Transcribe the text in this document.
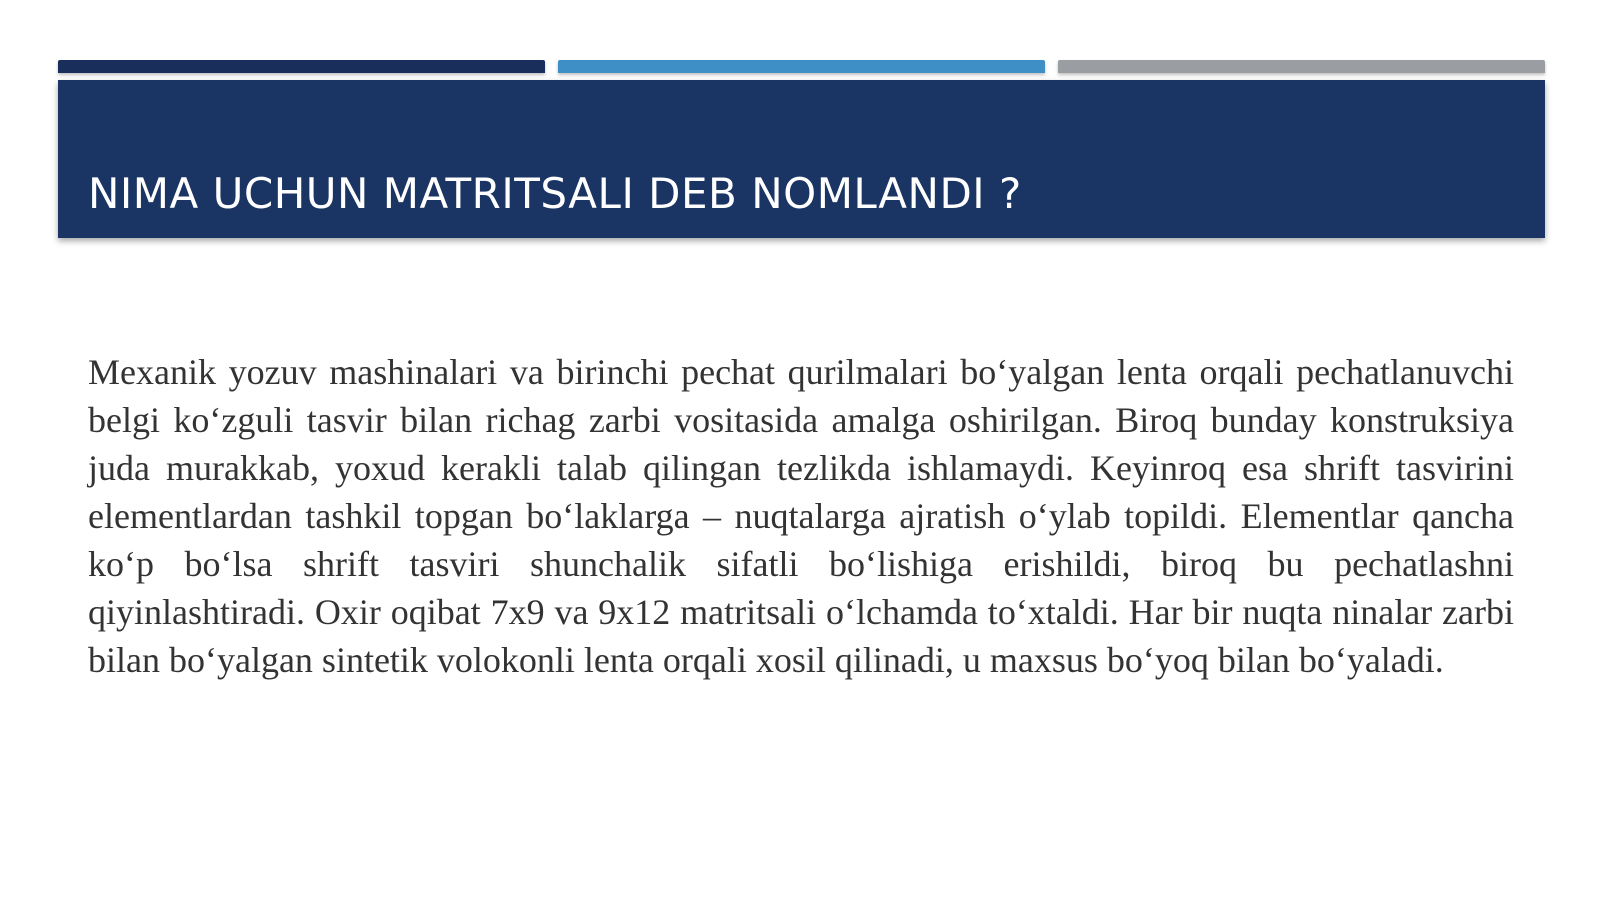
NIMA UCHUN MATRITSALI DEB NOMLANDI ?

Mexanik yozuv mashinalari va birinchi pechat qurilmalari bo‘yalgan lenta orqali pechatlanuvchi belgi ko‘zguli tasvir bilan richag zarbi vositasida amalga oshirilgan. Biroq bunday konstruksiya juda murakkab, yoxud kerakli talab qilingan tezlikda ishlamaydi. Keyinroq esa shrift tasvirini elementlardan tashkil topgan bo‘laklarga – nuqtalarga ajratish o‘ylab topildi. Elementlar qancha ko‘p bo‘lsa shrift tasviri shunchalik sifatli bo‘lishiga erishildi, biroq bu pechatlashni qiyinlashtiradi. Oxir oqibat 7x9 va 9x12 matritsali o‘lchamda to‘xtaldi. Har bir nuqta ninalar zarbi bilan bo‘yalgan sintetik volokonli lenta orqali xosil qilinadi, u maxsus bo‘yoq bilan bo‘yaladi.
